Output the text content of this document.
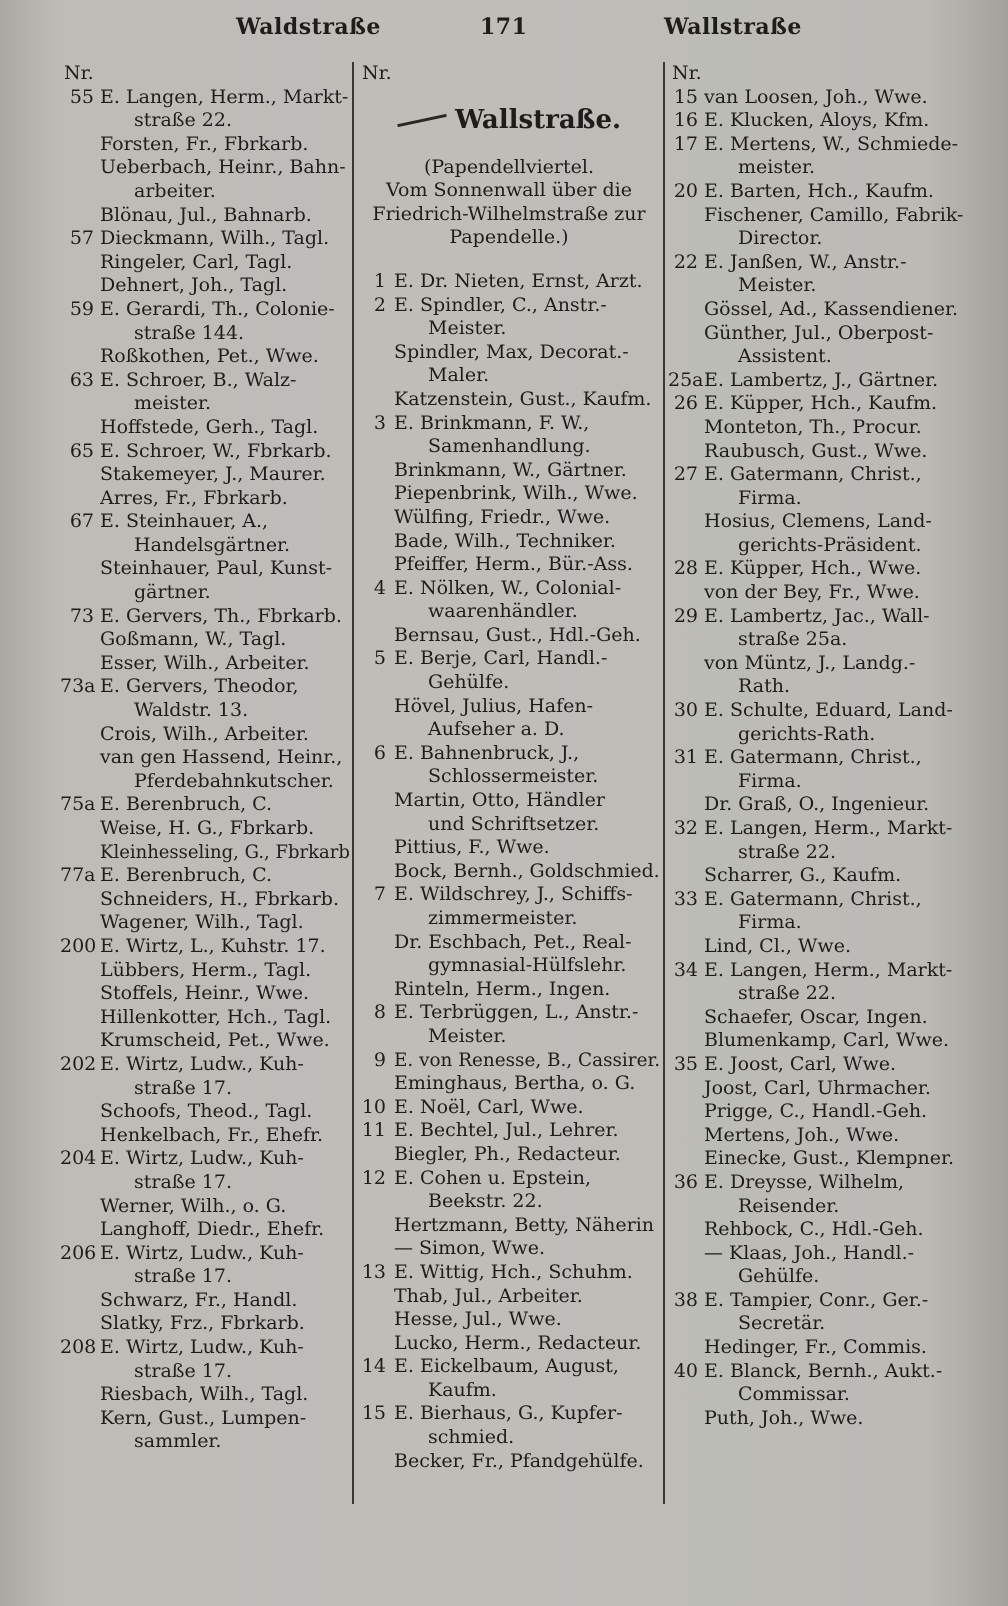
Waldstraße	171	Wallstraße
Nr.
55 E. Langen, Herm., Markt-
straße 22.
Forsten, Fr., Fbrkarb.
Ueberbach, Heinr., Bahn-
arbeiter.
Blönau, Jul., Bahnarb.
57 Dieckmann, Wilh., Tagl.
Ringeler, Carl, Tagl.
Dehnert, Joh., Tagl.
59 E. Gerardi, Th., Colonie-
straße 144.
Roßkothen, Pet., Wwe.
63 E. Schroer, B., Walz-
meister.
Hoffstede, Gerh., Tagl.
65 E. Schroer, W., Fbrkarb.
Stakemeyer, J., Maurer.
Arres, Fr., Fbrkarb.
67 E. Steinhauer, A.,
Handelsgärtner.
Steinhauer, Paul, Kunst-
gärtner.
73 E. Gervers, Th., Fbrkarb.
Goßmann, W., Tagl.
Esser, Wilh., Arbeiter.
73a E. Gervers, Theodor,
Waldstr. 13.
Crois, Wilh., Arbeiter.
van gen Hassend, Heinr.,
Pferdebahnkutscher.
75a E. Berenbruch, C.
Weise, H. G., Fbrkarb.
Kleinhesseling, G., Fbrkarb
77a E. Berenbruch, C.
Schneiders, H., Fbrkarb.
Wagener, Wilh., Tagl.
200 E. Wirtz, L., Kuhstr. 17.
Lübbers, Herm., Tagl.
Stoffels, Heinr., Wwe.
Hillenkotter, Hch., Tagl.
Krumscheid, Pet., Wwe.
202 E. Wirtz, Ludw., Kuh-
straße 17.
Schoofs, Theod., Tagl.
Henkelbach, Fr., Ehefr.
204 E. Wirtz, Ludw., Kuh-
straße 17.
Werner, Wilh., o. G.
Langhoff, Diedr., Ehefr.
206 E. Wirtz, Ludw., Kuh-
straße 17.
Schwarz, Fr., Handl.
Slatky, Frz., Fbrkarb.
208 E. Wirtz, Ludw., Kuh-
straße 17.
Riesbach, Wilh., Tagl.
Kern, Gust., Lumpen-
sammler.
Nr.
Wallstraße.
(Papendellviertel.
Vom Sonnenwall über die
Friedrich-Wilhelmstraße zur
Papendelle.)
1 E. Dr. Nieten, Ernst, Arzt.
2 E. Spindler, C., Anstr.-
Meister.
Spindler, Max, Decorat.-
Maler.
Katzenstein, Gust., Kaufm.
3 E. Brinkmann, F. W.,
Samenhandlung.
Brinkmann, W., Gärtner.
Piepenbrink, Wilh., Wwe.
Wülfing, Friedr., Wwe.
Bade, Wilh., Techniker.
Pfeiffer, Herm., Bür.-Ass.
4 E. Nölken, W., Colonial-
waarenhändler.
Bernsau, Gust., Hdl.-Geh.
5 E. Berje, Carl, Handl.-
Gehülfe.
Hövel, Julius, Hafen-
Aufseher a. D.
6 E. Bahnenbruck, J.,
Schlossermeister.
Martin, Otto, Händler
und Schriftsetzer.
Pittius, F., Wwe.
Bock, Bernh., Goldschmied.
7 E. Wildschrey, J., Schiffs-
zimmermeister.
Dr. Eschbach, Pet., Real-
gymnasial-Hülfslehr.
Rinteln, Herm., Ingen.
8 E. Terbrüggen, L., Anstr.-
Meister.
9 E. von Renesse, B., Cassirer.
Eminghaus, Bertha, o. G.
10 E. Noël, Carl, Wwe.
11 E. Bechtel, Jul., Lehrer.
Biegler, Ph., Redacteur.
12 E. Cohen u. Epstein,
Beekstr. 22.
Hertzmann, Betty, Näherin
— Simon, Wwe.
13 E. Wittig, Hch., Schuhm.
Thab, Jul., Arbeiter.
Hesse, Jul., Wwe.
Lucko, Herm., Redacteur.
14 E. Eickelbaum, August,
Kaufm.
15 E. Bierhaus, G., Kupfer-
schmied.
Becker, Fr., Pfandgehülfe.
Nr.
15 van Loosen, Joh., Wwe.
16 E. Klucken, Aloys, Kfm.
17 E. Mertens, W., Schmiede-
meister.
20 E. Barten, Hch., Kaufm.
Fischener, Camillo, Fabrik-
Director.
22 E. Janßen, W., Anstr.-
Meister.
Gössel, Ad., Kassendiener.
Günther, Jul., Oberpost-
Assistent.
25a E. Lambertz, J., Gärtner.
26 E. Küpper, Hch., Kaufm.
Monteton, Th., Procur.
Raubusch, Gust., Wwe.
27 E. Gatermann, Christ.,
Firma.
Hosius, Clemens, Land-
gerichts-Präsident.
28 E. Küpper, Hch., Wwe.
von der Bey, Fr., Wwe.
29 E. Lambertz, Jac., Wall-
straße 25a.
von Müntz, J., Landg.-
Rath.
30 E. Schulte, Eduard, Land-
gerichts-Rath.
31 E. Gatermann, Christ.,
Firma.
Dr. Graß, O., Ingenieur.
32 E. Langen, Herm., Markt-
straße 22.
Scharrer, G., Kaufm.
33 E. Gatermann, Christ.,
Firma.
Lind, Cl., Wwe.
34 E. Langen, Herm., Markt-
straße 22.
Schaefer, Oscar, Ingen.
Blumenkamp, Carl, Wwe.
35 E. Joost, Carl, Wwe.
Joost, Carl, Uhrmacher.
Prigge, C., Handl.-Geh.
Mertens, Joh., Wwe.
Einecke, Gust., Klempner.
36 E. Dreysse, Wilhelm,
Reisender.
Rehbock, C., Hdl.-Geh.
— Klaas, Joh., Handl.-
Gehülfe.
38 E. Tampier, Conr., Ger.-
Secretär.
Hedinger, Fr., Commis.
40 E. Blanck, Bernh., Aukt.-
Commissar.
Puth, Joh., Wwe.
